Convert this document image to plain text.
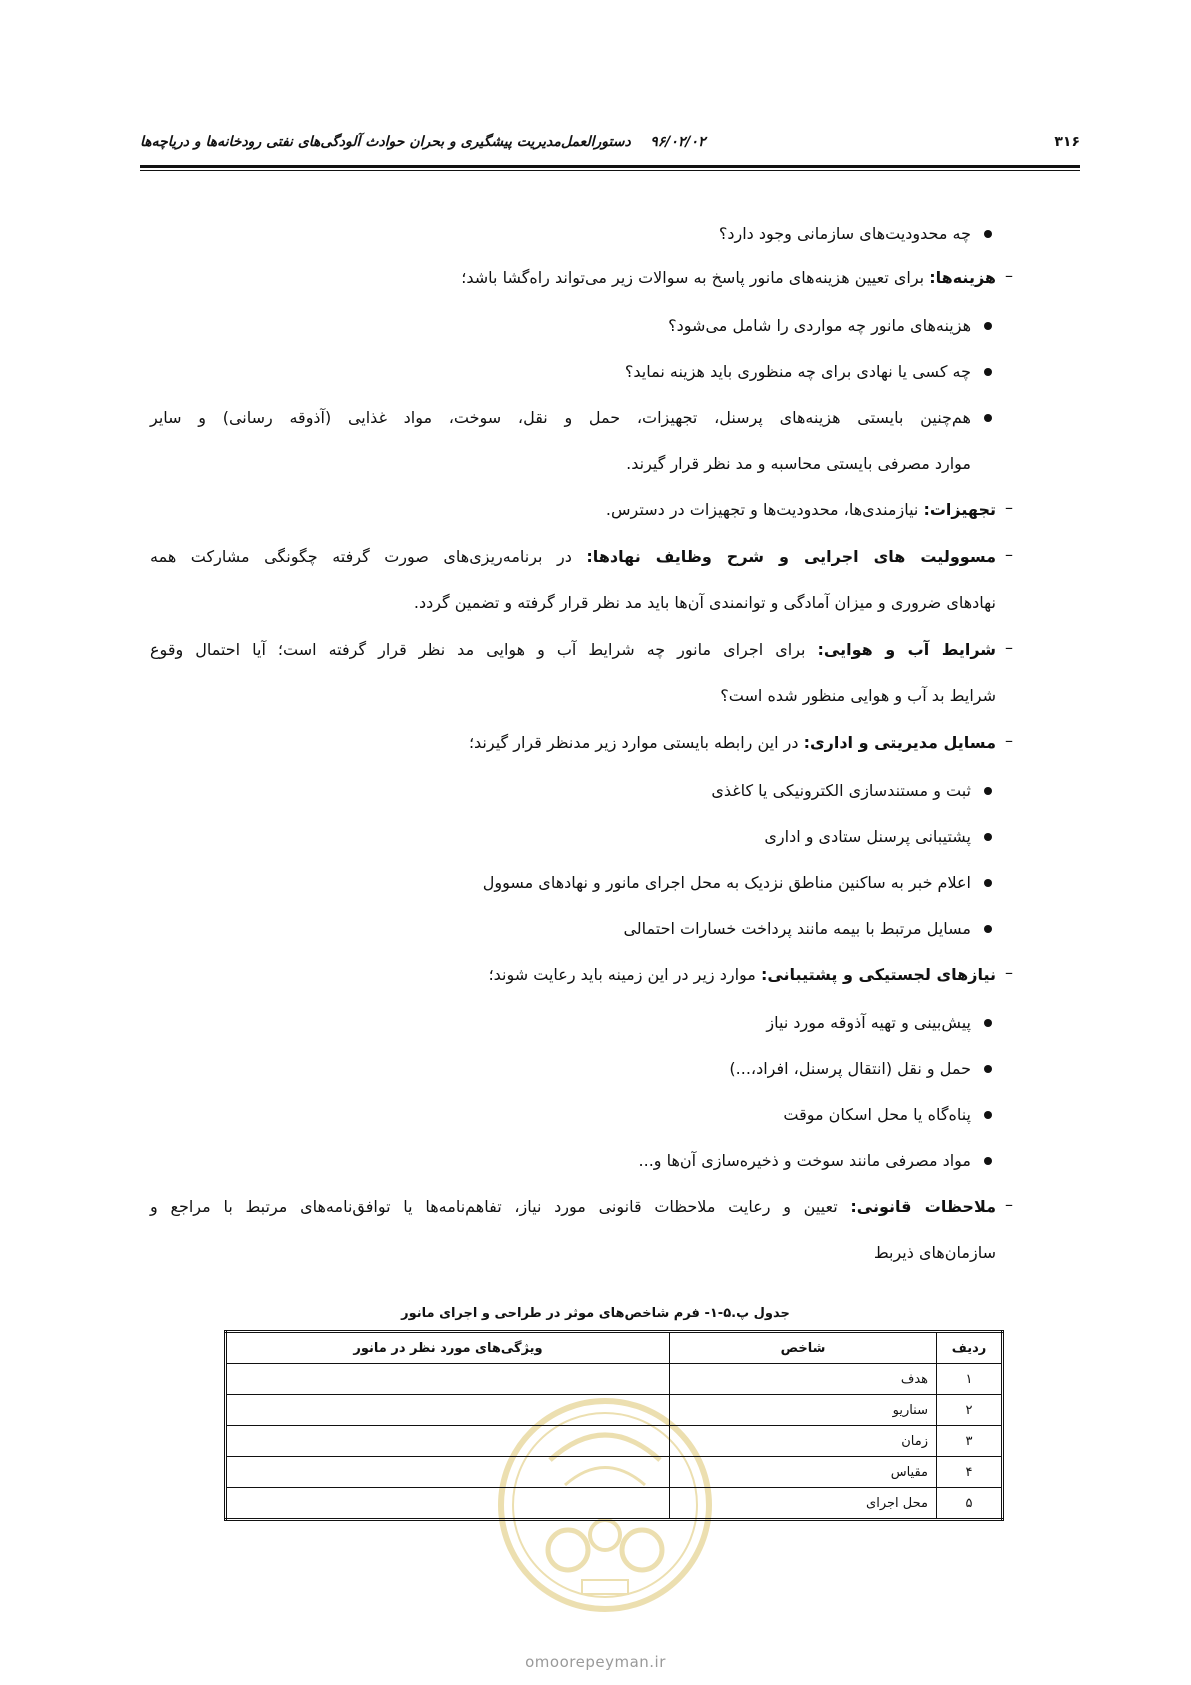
۳۱۶
۹۶/۰۲/۰۲    دستورالعمل‌مدیریت پیشگیری و بحران حوادث آلودگی‌های نفتی رودخانه‌ها و دریاچه‌ها
چه محدودیت‌های سازمانی وجود دارد؟
–
هزینه‌ها: برای تعیین هزینه‌های مانور پاسخ به سوالات زیر می‌تواند راه‌گشا باشد؛
هزینه‌های مانور چه مواردی را شامل می‌شود؟
چه کسی یا نهادی برای چه منظوری باید هزینه نماید؟
هم‌چنین بایستی هزینه‌های پرسنل، تجهیزات، حمل و نقل، سوخت، مواد غذایی (آذوقه رسانی) و سایر
موارد مصرفی بایستی محاسبه و مد نظر قرار گیرند.
–
تجهیزات: نیازمندی‌ها، محدودیت‌ها و تجهیزات در دسترس.
–
مسوولیت های اجرایی و شرح وظایف نهادها: در برنامه‌ریزی‌های صورت گرفته چگونگی مشارکت همه
نهادهای ضروری و میزان آمادگی و توانمندی آن‌ها باید مد نظر قرار گرفته و تضمین گردد.
–
شرایط آب و هوایی: برای اجرای مانور چه شرایط آب و هوایی مد نظر قرار گرفته است؛ آیا احتمال وقوع
شرایط بد آب و هوایی منظور شده است؟
–
مسایل مدیریتی و اداری: در این رابطه بایستی موارد زیر مدنظر قرار گیرند؛
ثبت و مستندسازی الکترونیکی یا کاغذی
پشتیبانی پرسنل ستادی و اداری
اعلام خبر به ساکنین مناطق نزدیک به محل اجرای مانور و نهادهای مسوول
مسایل مرتبط با بیمه مانند پرداخت خسارات احتمالی
–
نیازهای لجستیکی و پشتیبانی: موارد زیر در این زمینه باید رعایت شوند؛
پیش‌بینی و تهیه آذوقه مورد نیاز
حمل و نقل (انتقال پرسنل، افراد،...)
پناه‌گاه یا محل اسکان موقت
مواد مصرفی مانند سوخت و ذخیره‌سازی آن‌ها و...
–
ملاحظات قانونی: تعیین و رعایت ملاحظات قانونی مورد نیاز، تفاهم‌نامه‌ها یا توافق‌نامه‌های مرتبط با مراجع و
سازمان‌های ذیربط
جدول پ.۵-۱- فرم شاخص‌های موثر در طراحی و اجرای مانور
ردیف	شاخص	ویژگی‌های مورد نظر در مانور
۱	هدف	
۲	سناریو	
۳	زمان	
۴	مقیاس	
۵	محل اجرای	
omoorepeyman.ir
